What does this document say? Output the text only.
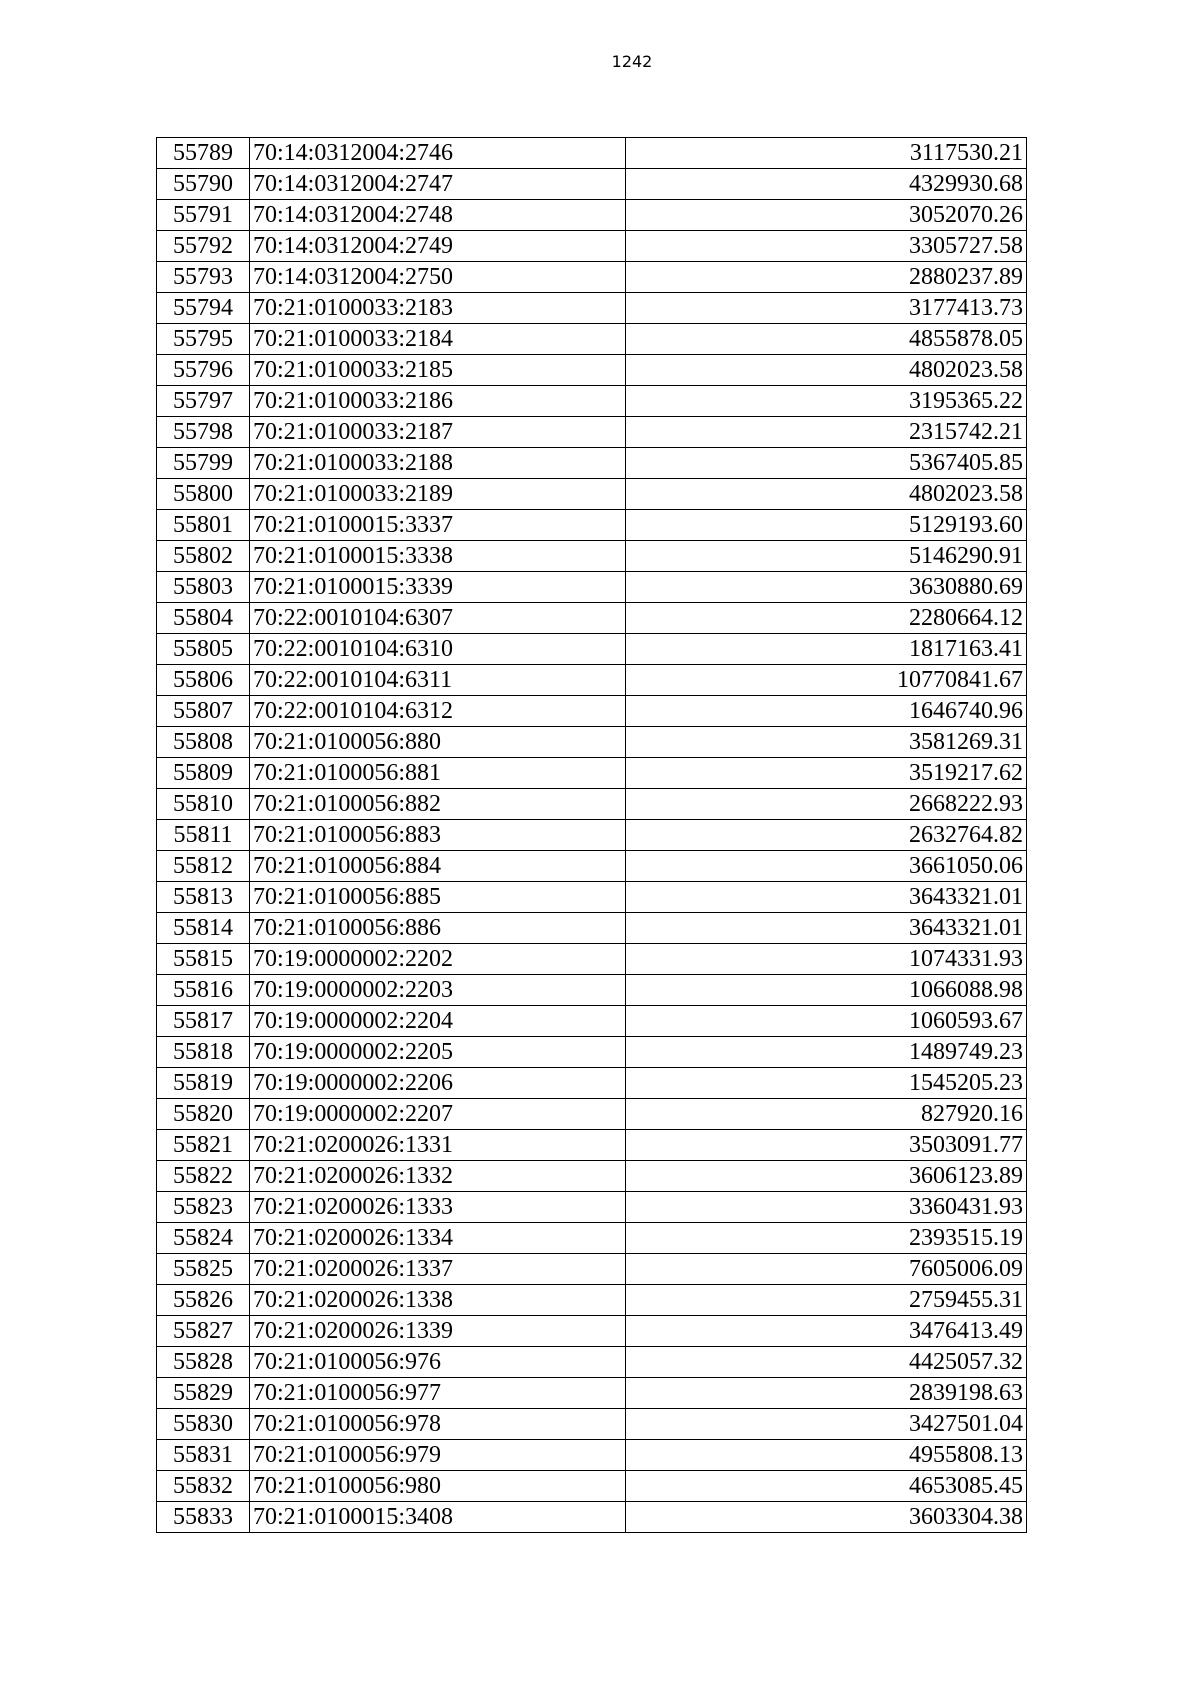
1242
55789	70:14:0312004:2746	3117530.21
55790	70:14:0312004:2747	4329930.68
55791	70:14:0312004:2748	3052070.26
55792	70:14:0312004:2749	3305727.58
55793	70:14:0312004:2750	2880237.89
55794	70:21:0100033:2183	3177413.73
55795	70:21:0100033:2184	4855878.05
55796	70:21:0100033:2185	4802023.58
55797	70:21:0100033:2186	3195365.22
55798	70:21:0100033:2187	2315742.21
55799	70:21:0100033:2188	5367405.85
55800	70:21:0100033:2189	4802023.58
55801	70:21:0100015:3337	5129193.60
55802	70:21:0100015:3338	5146290.91
55803	70:21:0100015:3339	3630880.69
55804	70:22:0010104:6307	2280664.12
55805	70:22:0010104:6310	1817163.41
55806	70:22:0010104:6311	10770841.67
55807	70:22:0010104:6312	1646740.96
55808	70:21:0100056:880	3581269.31
55809	70:21:0100056:881	3519217.62
55810	70:21:0100056:882	2668222.93
55811	70:21:0100056:883	2632764.82
55812	70:21:0100056:884	3661050.06
55813	70:21:0100056:885	3643321.01
55814	70:21:0100056:886	3643321.01
55815	70:19:0000002:2202	1074331.93
55816	70:19:0000002:2203	1066088.98
55817	70:19:0000002:2204	1060593.67
55818	70:19:0000002:2205	1489749.23
55819	70:19:0000002:2206	1545205.23
55820	70:19:0000002:2207	827920.16
55821	70:21:0200026:1331	3503091.77
55822	70:21:0200026:1332	3606123.89
55823	70:21:0200026:1333	3360431.93
55824	70:21:0200026:1334	2393515.19
55825	70:21:0200026:1337	7605006.09
55826	70:21:0200026:1338	2759455.31
55827	70:21:0200026:1339	3476413.49
55828	70:21:0100056:976	4425057.32
55829	70:21:0100056:977	2839198.63
55830	70:21:0100056:978	3427501.04
55831	70:21:0100056:979	4955808.13
55832	70:21:0100056:980	4653085.45
55833	70:21:0100015:3408	3603304.38
